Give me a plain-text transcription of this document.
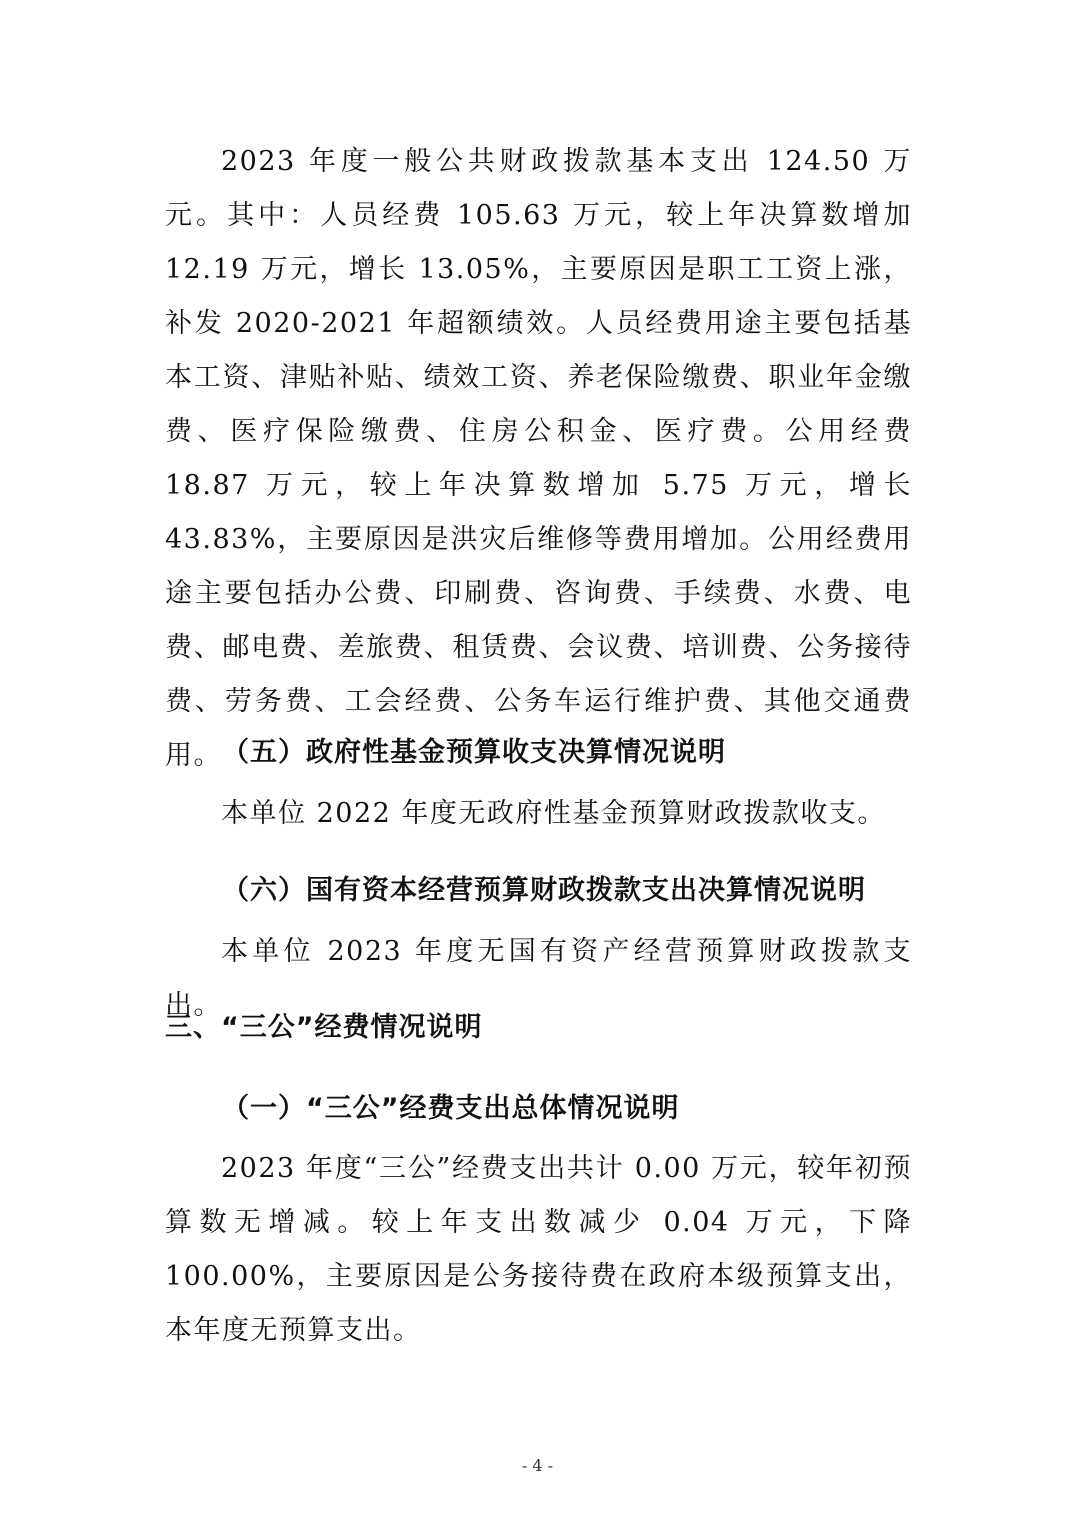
2023 年度一般公共财政拨款基本支出 124.50 万元。其中：人员经费 105.63 万元，较上年决算数增加 12.19 万元，增长 13.05%，主要原因是职工工资上涨，补发 2020-2021 年超额绩效。人员经费用途主要包括基本工资、津贴补贴、绩效工资、养老保险缴费、职业年金缴费、医疗保险缴费、住房公积金、医疗费。公用经费 18.87 万元，较上年决算数增加 5.75 万元，增长 43.83%，主要原因是洪灾后维修等费用增加。公用经费用途主要包括办公费、印刷费、咨询费、手续费、水费、电费、邮电费、差旅费、租赁费、会议费、培训费、公务接待费、劳务费、工会经费、公务车运行维护费、其他交通费用。 （五）政府性基金预算收支决算情况说明

本单位 2022 年度无政府性基金预算财政拨款收支。

（六）国有资本经营预算财政拨款支出决算情况说明

本单位 2023 年度无国有资产经营预算财政拨款支出。

三、“三公”经费情况说明
（一）“三公”经费支出总体情况说明

2023 年度“三公”经费支出共计 0.00 万元，较年初预算数无增减。较上年支出数减少 0.04 万元，下降 100.00%，主要原因是公务接待费在政府本级预算支出，本年度无预算支出。

- 4 -
